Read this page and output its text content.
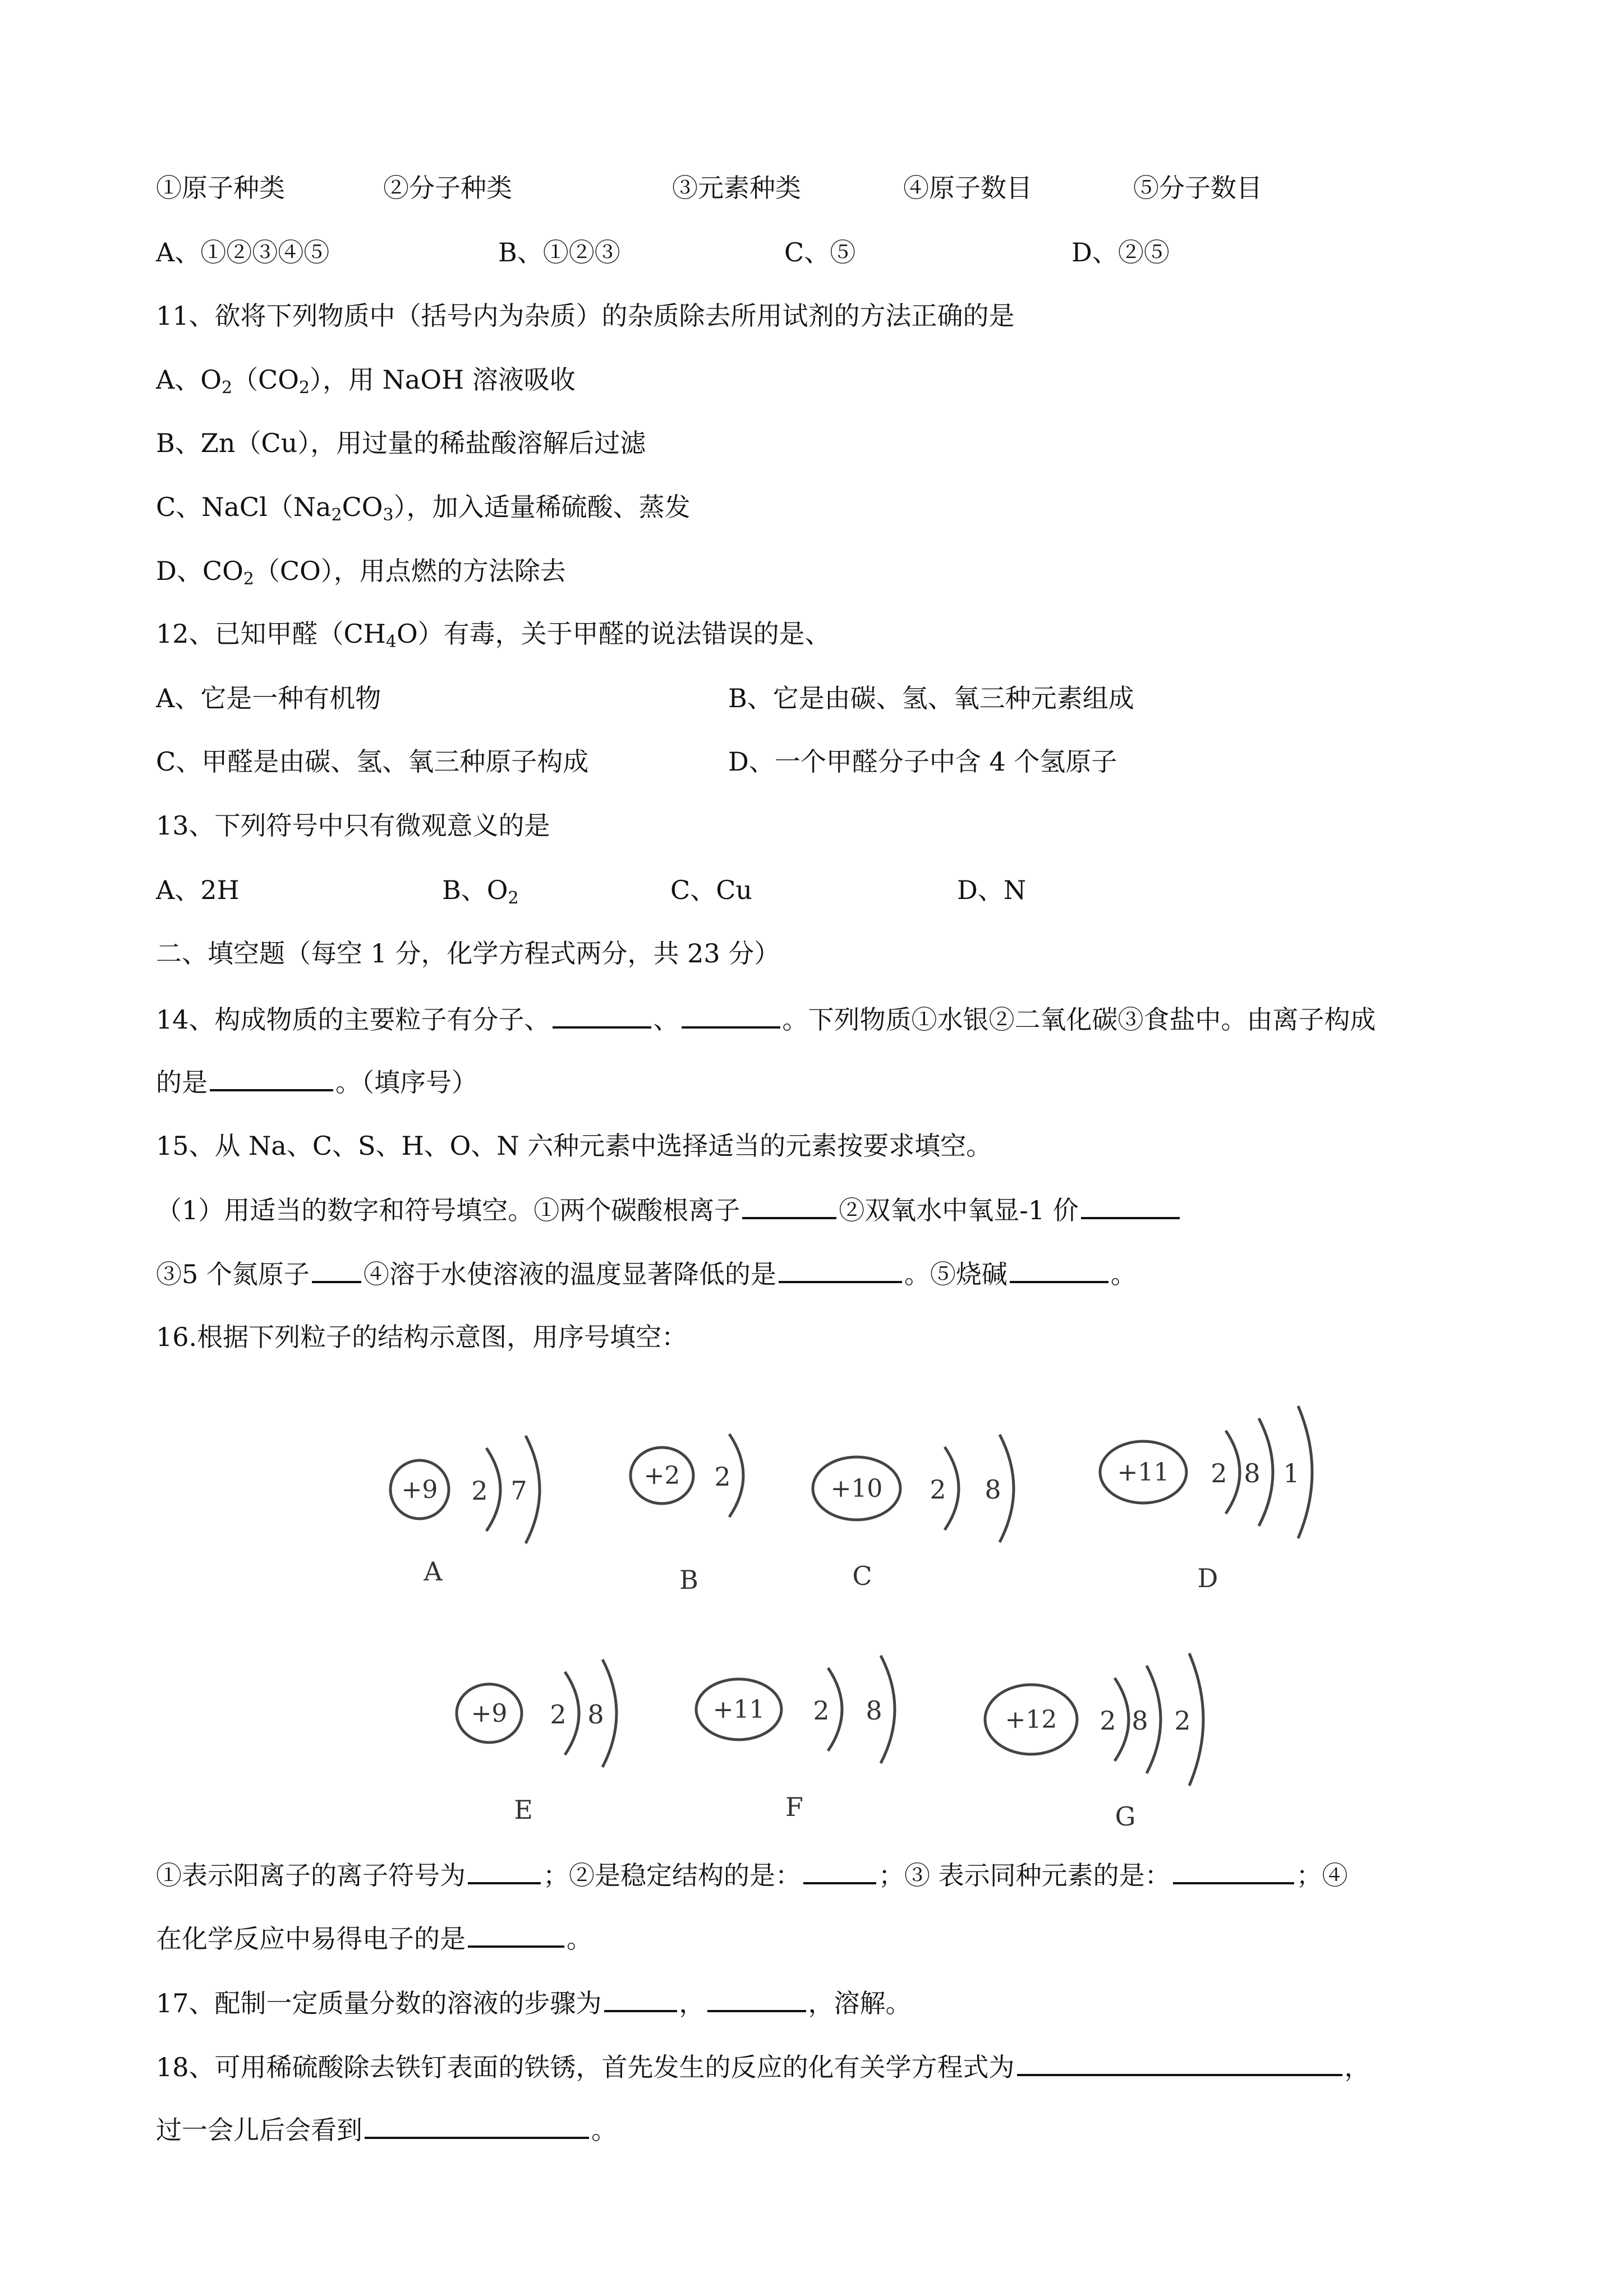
①原子种类	②分子种类	③元素种类	④原子数目	⑤分子数目
A、①②③④⑤	B、①②③	C、⑤	D、②⑤
11、欲将下列物质中（括号内为杂质）的杂质除去所用试剂的方法正确的是
A、$O_2(CO_2)$，用 NaOH 溶液吸收
B、Zn（Cu），用过量的稀盐酸溶解后过滤
C、$NaCl(Na_2CO_3)$，加入适量稀硫酸、蒸发
D、$CO_2(CO)$，用点燃的方法除去
12、已知甲醛$(CH_4O)$有毒，关于甲醛的说法错误的是、
A、它是一种有机物	B、它是由碳、氢、氧三种元素组成
C、甲醛是由碳、氢、氧三种原子构成	D、一个甲醛分子中含 4 个氢原子
13、下列符号中只有微观意义的是
A、2H	B、$O_2$	C、Cu	D、N
二、填空题（每空 1 分，化学方程式两分，共 23 分）
14、构成物质的主要粒子有分子、	、	。下列物质①水银②二氧化碳③食盐中。由离子构成
的是	。（填序号）
15、从 Na、C、S、H、O、N 六种元素中选择适当的元素按要求填空。
（1）用适当的数字和符号填空。①两个碳酸根离子	②双氧水中氧显-1 价
③5 个氮原子 ④溶于水使溶液的温度显著降低的是	。⑤烧碱	。
16.根据下列粒子的结构示意图，用序号填空：
+9 2 7
A
+2 2
B
+10 2 8
C
+11 2 8 1
D
+9 2 8
E
+11 2 8
F
+12 2 8 2
G
①表示阳离子的离子符号为	；②是稳定结构的是：	；③ 表示同种元素的是：	；④
在化学反应中易得电子的是	。
17、配制一定质量分数的溶液的步骤为	，	，溶解。
18、可用稀硫酸除去铁钉表面的铁锈，首先发生的反应的化有关学方程式为	，
过一会儿后会看到	。
